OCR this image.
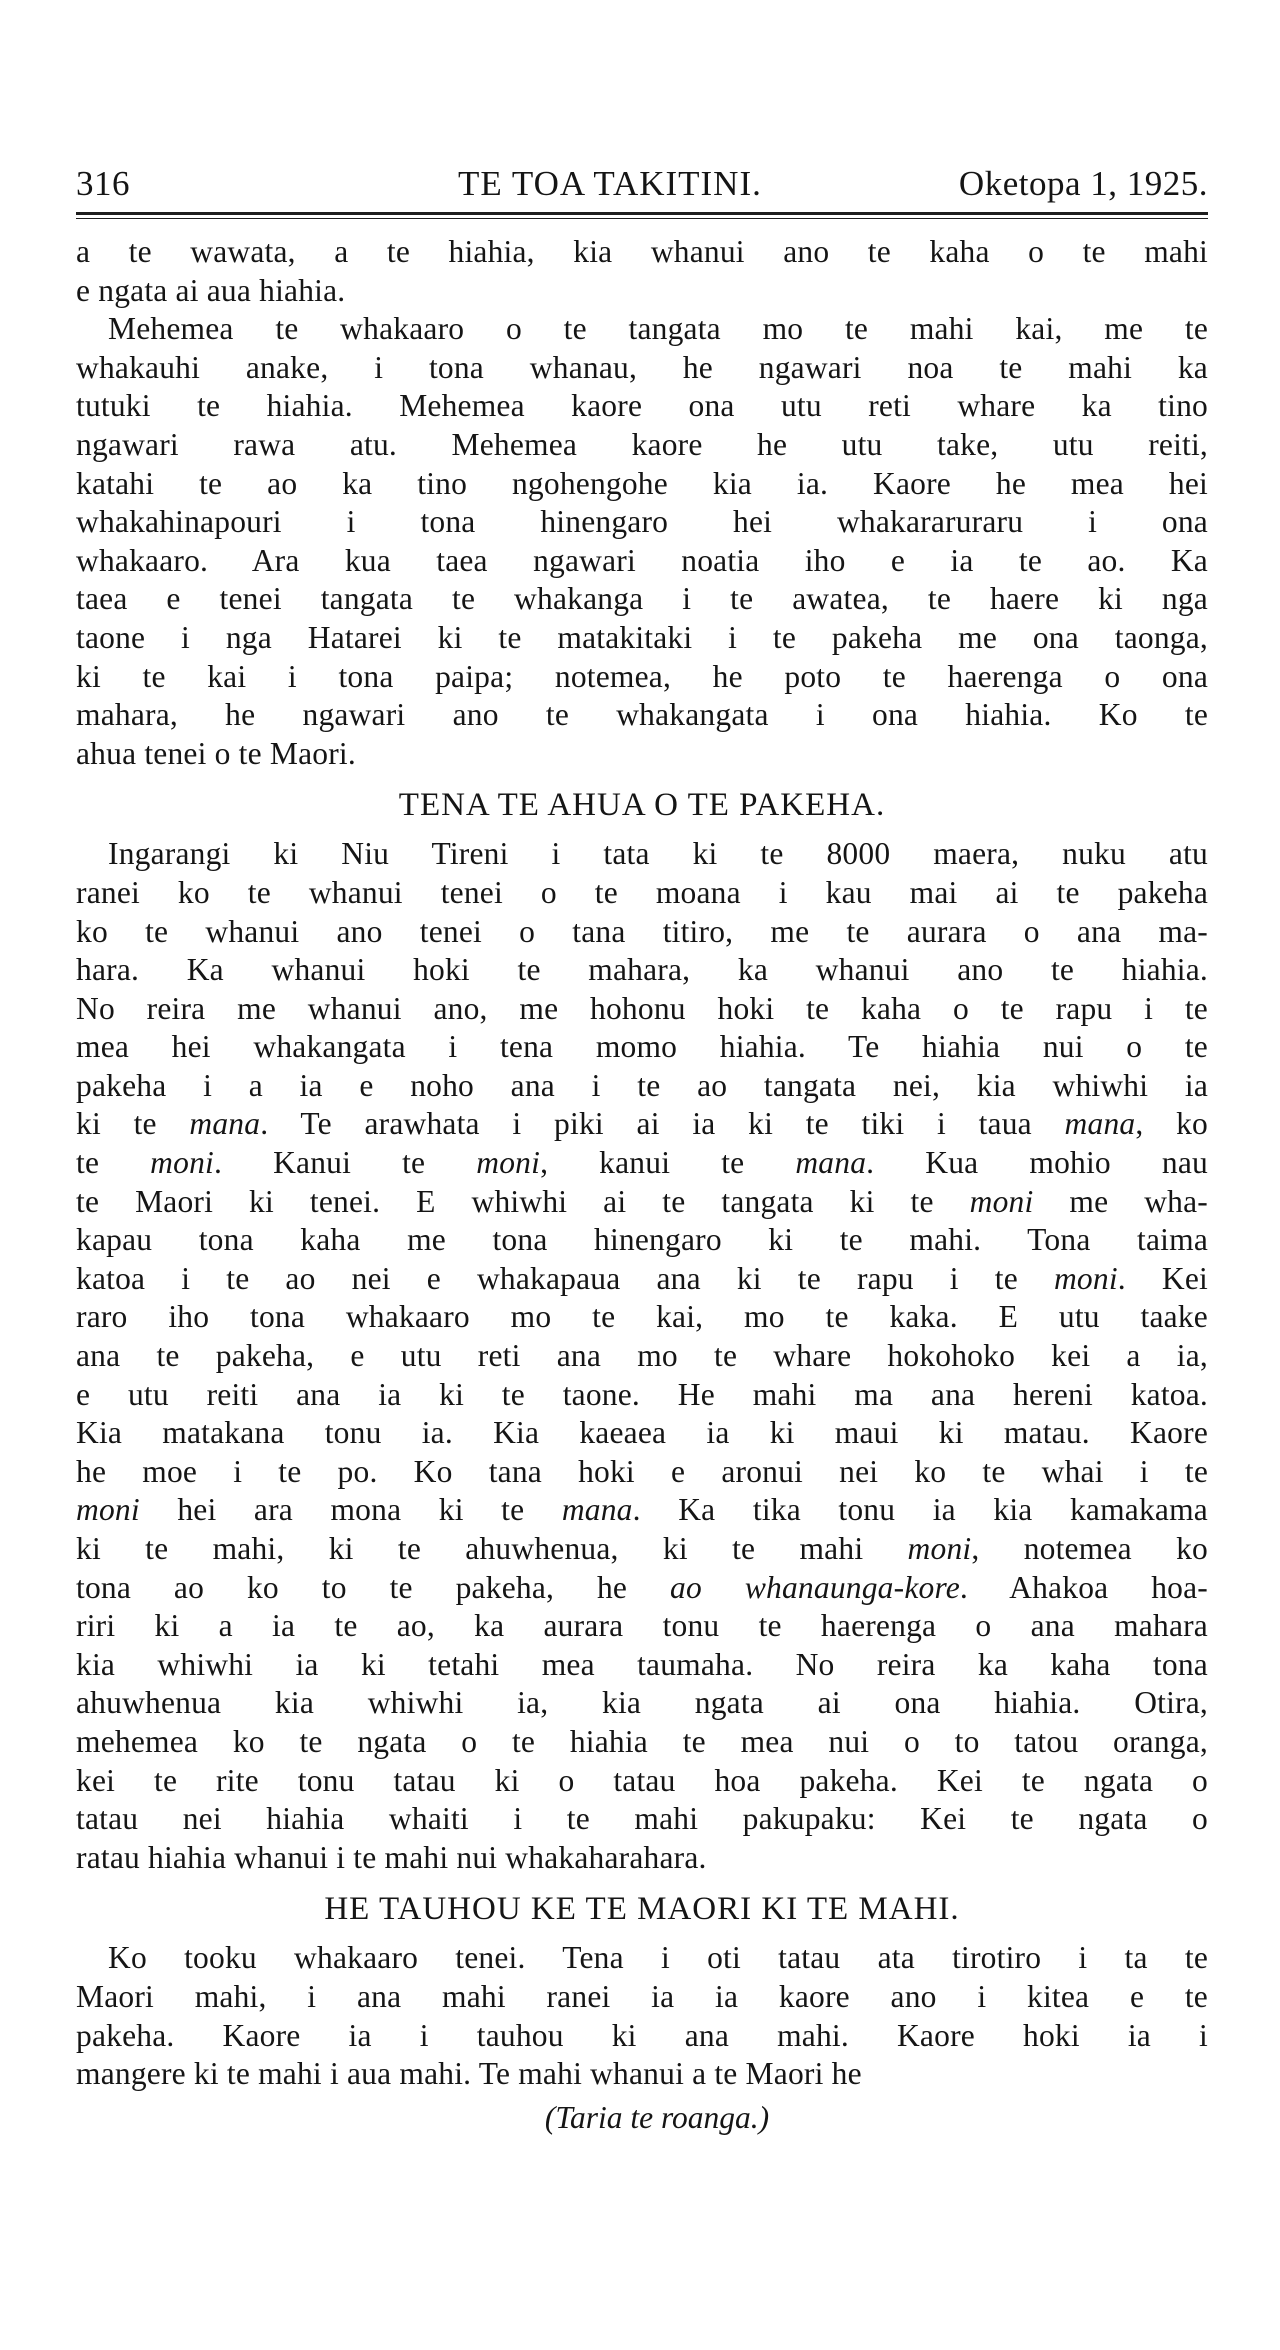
316	TE TOA TAKITINI.	Oketopa 1, 1925.

a te wawata, a te hiahia, kia whanui ano te kaha o te mahi
e ngata ai aua hiahia.

Mehemea te whakaaro o te tangata mo te mahi kai, me te
whakauhi anake, i tona whanau, he ngawari noa te mahi ka
tutuki te hiahia. Mehemea kaore ona utu reti whare ka tino
ngawari rawa atu. Mehemea kaore he utu take, utu reiti,
katahi te ao ka tino ngohengohe kia ia. Kaore he mea hei
whakahinapouri i tona hinengaro hei whakararuraru i ona
whakaaro. Ara kua taea ngawari noatia iho e ia te ao. Ka
taea e tenei tangata te whakanga i te awatea, te haere ki nga
taone i nga Hatarei ki te matakitaki i te pakeha me ona taonga,
ki te kai i tona paipa; notemea, he poto te haerenga o ona
mahara, he ngawari ano te whakangata i ona hiahia. Ko te
ahua tenei o te Maori.

TENA TE AHUA O TE PAKEHA.

Ingarangi ki Niu Tireni i tata ki te 8000 maera, nuku atu
ranei ko te whanui tenei o te moana i kau mai ai te pakeha
ko te whanui ano tenei o tana titiro, me te aurara o ana ma-
hara. Ka whanui hoki te mahara, ka whanui ano te hiahia.
No reira me whanui ano, me hohonu hoki te kaha o te rapu i te
mea hei whakangata i tena momo hiahia. Te hiahia nui o te
pakeha i a ia e noho ana i te ao tangata nei, kia whiwhi ia
ki te mana. Te arawhata i piki ai ia ki te tiki i taua mana, ko
te moni. Kanui te moni, kanui te mana. Kua mohio nau
te Maori ki tenei. E whiwhi ai te tangata ki te moni me wha-
kapau tona kaha me tona hinengaro ki te mahi. Tona taima
katoa i te ao nei e whakapaua ana ki te rapu i te moni. Kei
raro iho tona whakaaro mo te kai, mo te kaka. E utu taake
ana te pakeha, e utu reti ana mo te whare hokohoko kei a ia,
e utu reiti ana ia ki te taone. He mahi ma ana hereni katoa.
Kia matakana tonu ia. Kia kaeaea ia ki maui ki matau. Kaore
he moe i te po. Ko tana hoki e aronui nei ko te whai i te
moni hei ara mona ki te mana. Ka tika tonu ia kia kamakama
ki te mahi, ki te ahuwhenua, ki te mahi moni, notemea ko
tona ao ko to te pakeha, he ao whanaunga-kore. Ahakoa hoa-
riri ki a ia te ao, ka aurara tonu te haerenga o ana mahara
kia whiwhi ia ki tetahi mea taumaha. No reira ka kaha tona
ahuwhenua kia whiwhi ia, kia ngata ai ona hiahia. Otira,
mehemea ko te ngata o te hiahia te mea nui o to tatou oranga,
kei te rite tonu tatau ki o tatau hoa pakeha. Kei te ngata o
tatau nei hiahia whaiti i te mahi pakupaku: Kei te ngata o
ratau hiahia whanui i te mahi nui whakaharahara.

HE TAUHOU KE TE MAORI KI TE MAHI.

Ko tooku whakaaro tenei. Tena i oti tatau ata tirotiro i ta te
Maori mahi, i ana mahi ranei ia ia kaore ano i kitea e te
pakeha. Kaore ia i tauhou ki ana mahi. Kaore hoki ia i
mangere ki te mahi i aua mahi. Te mahi whanui a te Maori he

(Taria te roanga.)
